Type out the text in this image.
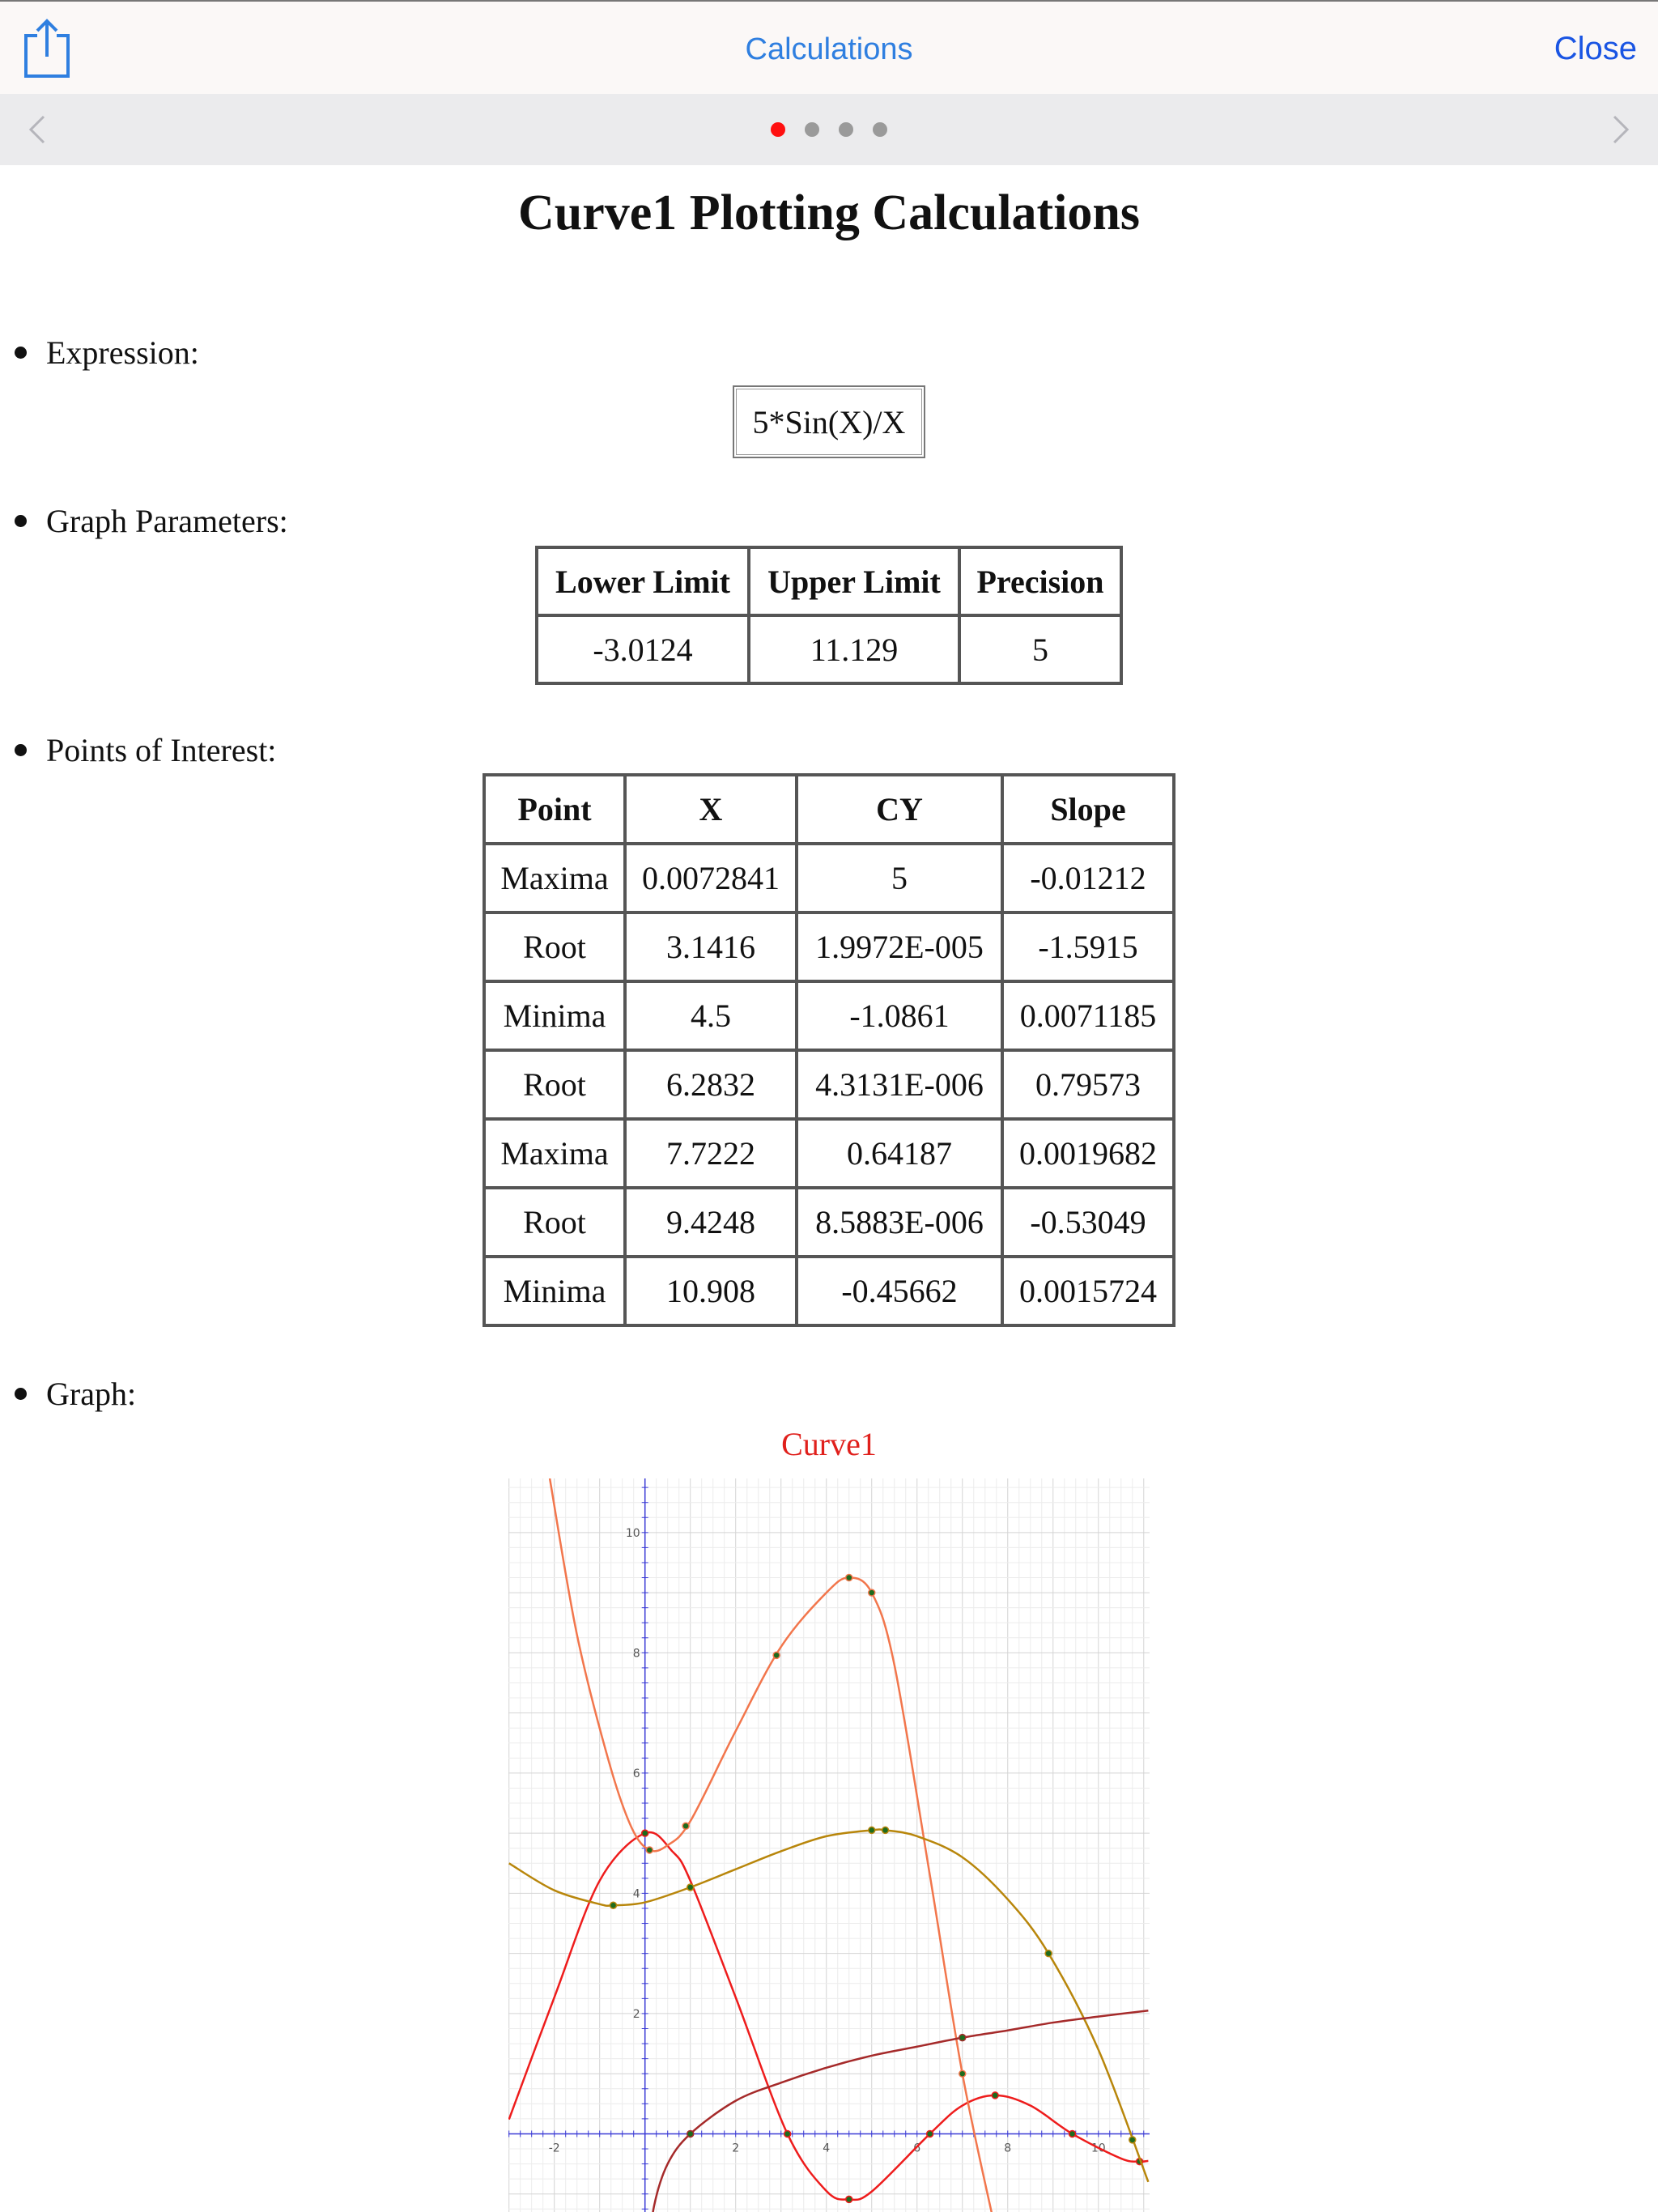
Calculations	Close
Curve1 Plotting Calculations
Expression:
5*Sin(X)/X
Graph Parameters:
Lower Limit	Upper Limit	Precision
-3.0124	11.129	5
Points of Interest:
Point	X	CY	Slope
Maxima	0.0072841	5	-0.01212
Root	3.1416	1.9972E-005	-1.5915
Minima	4.5	-1.0861	0.0071185
Root	6.2832	4.3131E-006	0.79573
Maxima	7.7222	0.64187	0.0019682
Root	9.4248	8.5883E-006	-0.53049
Minima	10.908	-0.45662	0.0015724
Graph:
Curve1
-2	2	4	6	8	10
2
4
6
8
10
